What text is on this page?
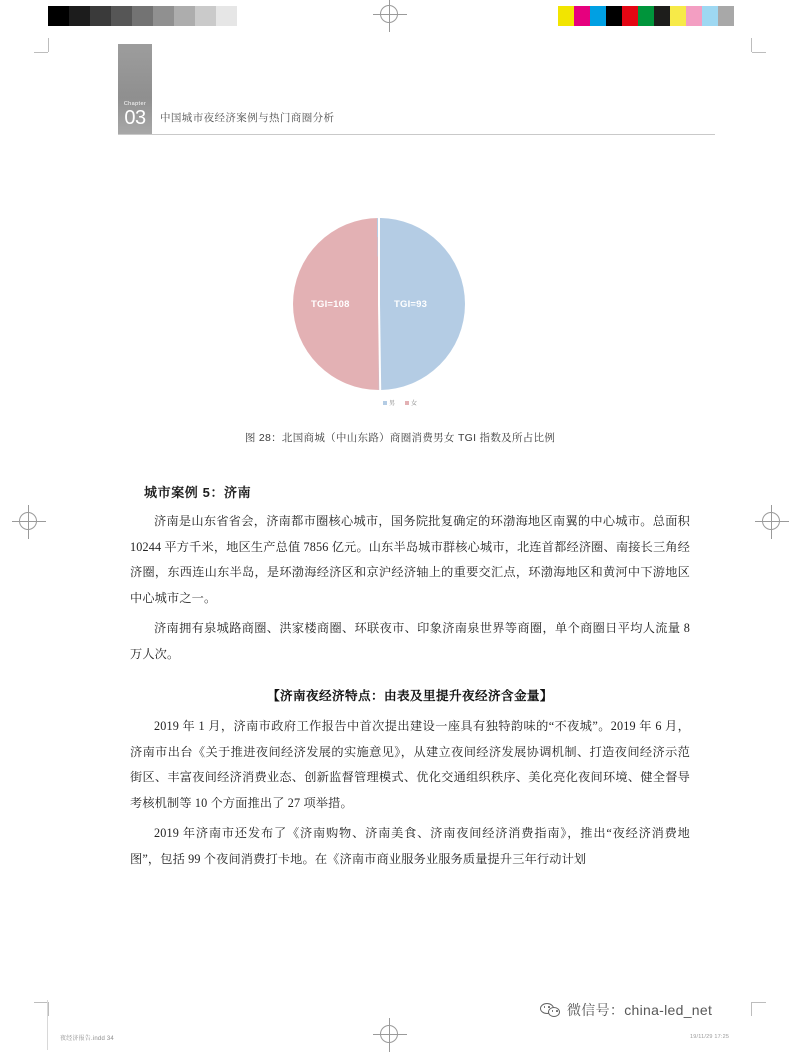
Chapter
03 中国城市夜经济案例与热门商圈分析
TGI=108	TGI=93
男	女
图 28：北国商城（中山东路）商圈消费男女 TGI 指数及所占比例
城市案例 5：济南

济南是山东省省会，济南都市圈核心城市，国务院批复确定的环渤海地区南翼的中心城市。总面积 10244 平方千米，地区生产总值 7856 亿元。山东半岛城市群核心城市，北连首都经济圈、南接长三角经济圈，东西连山东半岛，是环渤海经济区和京沪经济轴上的重要交汇点，环渤海地区和黄河中下游地区中心城市之一。

济南拥有泉城路商圈、洪家楼商圈、环联夜市、印象济南泉世界等商圈，单个商圈日平均人流量 8 万人次。

【济南夜经济特点：由表及里提升夜经济含金量】

2019 年 1 月，济南市政府工作报告中首次提出建设一座具有独特韵味的“不夜城”。2019 年 6 月，济南市出台《关于推进夜间经济发展的实施意见》，从建立夜间经济发展协调机制、打造夜间经济示范街区、丰富夜间经济消费业态、创新监督管理模式、优化交通组织秩序、美化亮化夜间环境、健全督导考核机制等 10 个方面推出了 27 项举措。

2019 年济南市还发布了《济南购物、济南美食、济南夜间经济消费指南》，推出“夜经济消费地图”，包括 99 个夜间消费打卡地。在《济南市商业服务业服务质量提升三年行动计划

夜经济报告.indd 34	19/11/29 17:25
微信号：china-led_net
